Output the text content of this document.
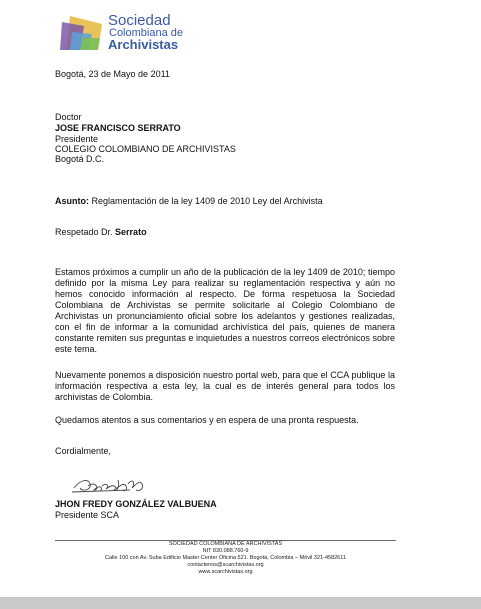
Sociedad
Colombiana de
Archivistas
Bogotá, 23 de Mayo de 2011
Doctor
JOSE FRANCISCO SERRATO
Presidente
COLEGIO COLOMBIANO DE ARCHIVISTAS
Bogotá D.C.
Asunto: Reglamentación de la ley 1409 de 2010 Ley del Archivista
Respetado Dr. Serrato
Estamos próximos a cumplir un año de la publicación de la ley 1409 de 2010; tiempo definido por la misma Ley para realizar su reglamentación respectiva y aún no hemos conocido información al respecto. De forma respetuosa la Sociedad Colombiana de Archivistas se permite solicitarle al Colegio Colombiano de Archivistas un pronunciamiento oficial sobre los adelantos y gestiones realizadas, con el fin de informar a la comunidad archivística del país, quienes de manera constante remiten sus preguntas e inquietudes a nuestros correos electrónicos sobre este tema.
Nuevamente ponemos a disposición nuestro portal web, para que el CCA publique la información respectiva a esta ley, la cual es de interés general para todos los archivistas de Colombia.
Quedamos atentos a sus comentarios y en espera de una pronta respuesta.
Cordialmente,
JHON FREDY GONZÁLEZ VALBUENA
Presidente SCA
SOCIEDAD COLOMBIANA DE ARCHIVISTAS
NIT 830.088.760-9
Calle 100 con Av. Suba Edificio Master Center Oficina 521. Bogotá, Colombia – Móvil 321-4582611
contactenos@scarchivistas.org
www.scarchivistas.org
